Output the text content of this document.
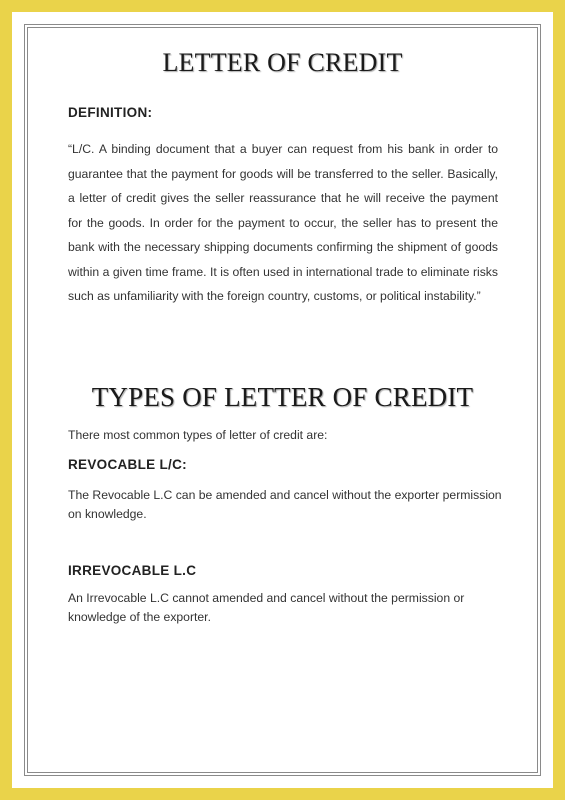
LETTER OF CREDIT
DEFINITION:

“L/C. A binding document that a buyer can request from his bank in order to guarantee that the payment for goods will be transferred to the seller. Basically, a letter of credit gives the seller reassurance that he will receive the payment for the goods. In order for the payment to occur, the seller has to present the bank with the necessary shipping documents confirming the shipment of goods within a given time frame. It is often used in international trade to eliminate risks such as unfamiliarity with the foreign country, customs, or political instability.”

TYPES OF LETTER OF CREDIT

There most common types of letter of credit are:

REVOCABLE L/C:

The Revocable L.C can be amended and cancel without the exporter permission on knowledge.

IRREVOCABLE L.C

An Irrevocable L.C cannot amended and cancel without the permission or knowledge of the exporter.
